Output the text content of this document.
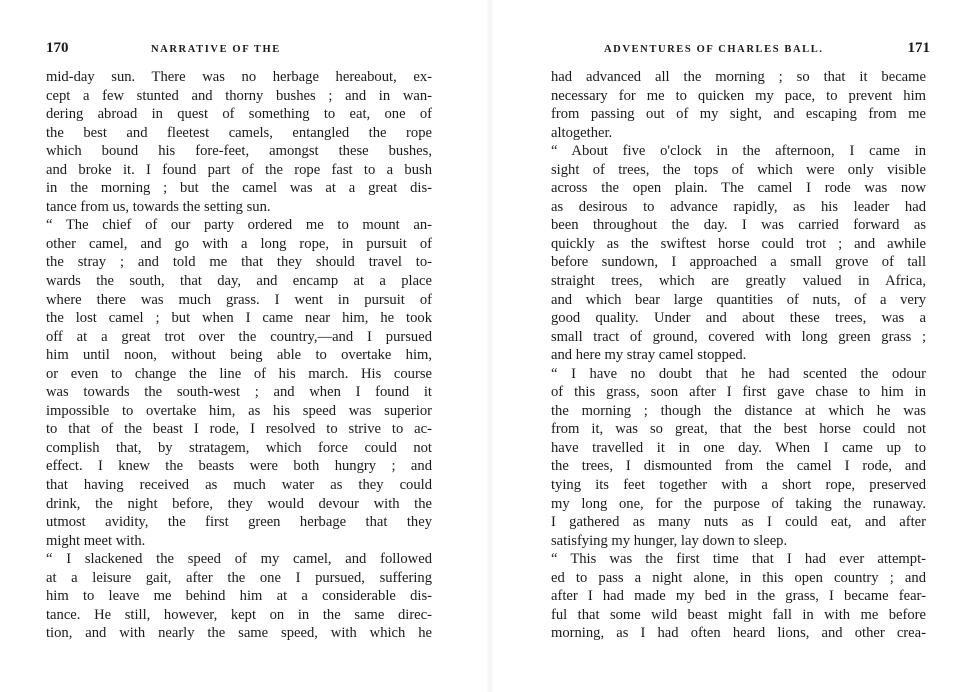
170	NARRATIVE OF THE
mid-day sun. There was no herbage hereabout, ex-
cept a few stunted and thorny bushes ; and in wan-
dering abroad in quest of something to eat, one of
the best and fleetest camels, entangled the rope
which bound his fore-feet, amongst these bushes,
and broke it. I found part of the rope fast to a bush
in the morning ; but the camel was at a great dis-
tance from us, towards the setting sun.
“ The chief of our party ordered me to mount an-
other camel, and go with a long rope, in pursuit of
the stray ; and told me that they should travel to-
wards the south, that day, and encamp at a place
where there was much grass. I went in pursuit of
the lost camel ; but when I came near him, he took
off at a great trot over the country,—and I pursued
him until noon, without being able to overtake him,
or even to change the line of his march. His course
was towards the south-west ; and when I found it
impossible to overtake him, as his speed was superior
to that of the beast I rode, I resolved to strive to ac-
complish that, by stratagem, which force could not
effect. I knew the beasts were both hungry ; and
that having received as much water as they could
drink, the night before, they would devour with the
utmost avidity, the first green herbage that they
might meet with.
“ I slackened the speed of my camel, and followed
at a leisure gait, after the one I pursued, suffering
him to leave me behind him at a considerable dis-
tance. He still, however, kept on in the same direc-
tion, and with nearly the same speed, with which he
ADVENTURES OF CHARLES BALL.	171
had advanced all the morning ; so that it became
necessary for me to quicken my pace, to prevent him
from passing out of my sight, and escaping from me
altogether.
“ About five o'clock in the afternoon, I came in
sight of trees, the tops of which were only visible
across the open plain. The camel I rode was now
as desirous to advance rapidly, as his leader had
been throughout the day. I was carried forward as
quickly as the swiftest horse could trot ; and awhile
before sundown, I approached a small grove of tall
straight trees, which are greatly valued in Africa,
and which bear large quantities of nuts, of a very
good quality. Under and about these trees, was a
small tract of ground, covered with long green grass ;
and here my stray camel stopped.
“ I have no doubt that he had scented the odour
of this grass, soon after I first gave chase to him in
the morning ; though the distance at which he was
from it, was so great, that the best horse could not
have travelled it in one day. When I came up to
the trees, I dismounted from the camel I rode, and
tying its feet together with a short rope, preserved
my long one, for the purpose of taking the runaway.
I gathered as many nuts as I could eat, and after
satisfying my hunger, lay down to sleep.
“ This was the first time that I had ever attempt-
ed to pass a night alone, in this open country ; and
after I had made my bed in the grass, I became fear-
ful that some wild beast might fall in with me before
morning, as I had often heard lions, and other crea-
